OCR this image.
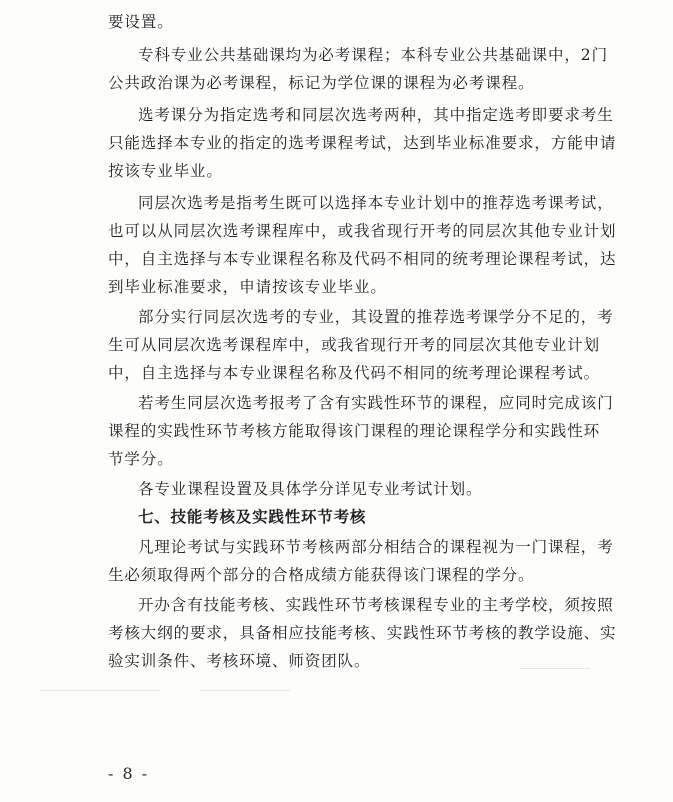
要设置。
专科专业公共基础课均为必考课程；本科专业公共基础课中，2门
公共政治课为必考课程，标记为学位课的课程为必考课程。
选考课分为指定选考和同层次选考两种，其中指定选考即要求考生
只能选择本专业的指定的选考课程考试，达到毕业标准要求，方能申请
按该专业毕业。
同层次选考是指考生既可以选择本专业计划中的推荐选考课考试，
也可以从同层次选考课程库中，或我省现行开考的同层次其他专业计划
中，自主选择与本专业课程名称及代码不相同的统考理论课程考试，达
到毕业标准要求，申请按该专业毕业。
部分实行同层次选考的专业，其设置的推荐选考课学分不足的，考
生可从同层次选考课程库中，或我省现行开考的同层次其他专业计划
中，自主选择与本专业课程名称及代码不相同的统考理论课程考试。
若考生同层次选考报考了含有实践性环节的课程，应同时完成该门
课程的实践性环节考核方能取得该门课程的理论课程学分和实践性环
节学分。
各专业课程设置及具体学分详见专业考试计划。
七、技能考核及实践性环节考核
凡理论考试与实践环节考核两部分相结合的课程视为一门课程，考
生必须取得两个部分的合格成绩方能获得该门课程的学分。
开办含有技能考核、实践性环节考核课程专业的主考学校，须按照
考核大纲的要求，具备相应技能考核、实践性环节考核的教学设施、实
验实训条件、考核环境、师资团队。
- 8 -
